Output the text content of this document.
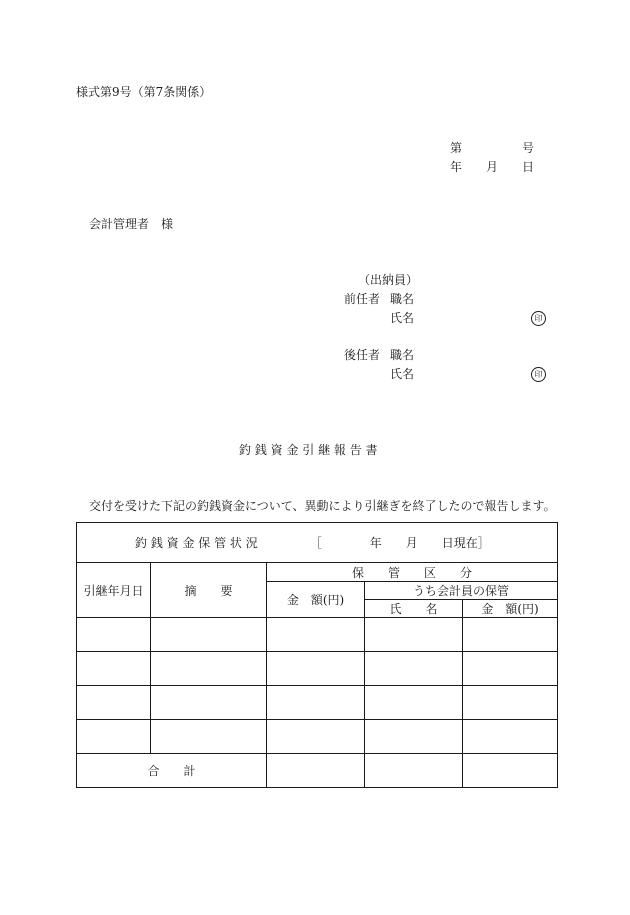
様式第9号（第7条関係）
第	号
年 月 日
会計管理者　様
（出納員）
前任者 職名
氏名	印
後任者 職名
氏名	印
釣 銭 資 金 引 継 報 告 書
交付を受けた下記の釣銭資金について、異動により引継ぎを終了したので報告します。
釣 銭 資 金 保 管 状 況 ［　　　　年　　月　　日現在］				
引継年月日	摘　　要	保　　管　　区　　分		
		金　額(円)	うち会計員の保管	
			氏　　名	金　額(円)

合　　計				
